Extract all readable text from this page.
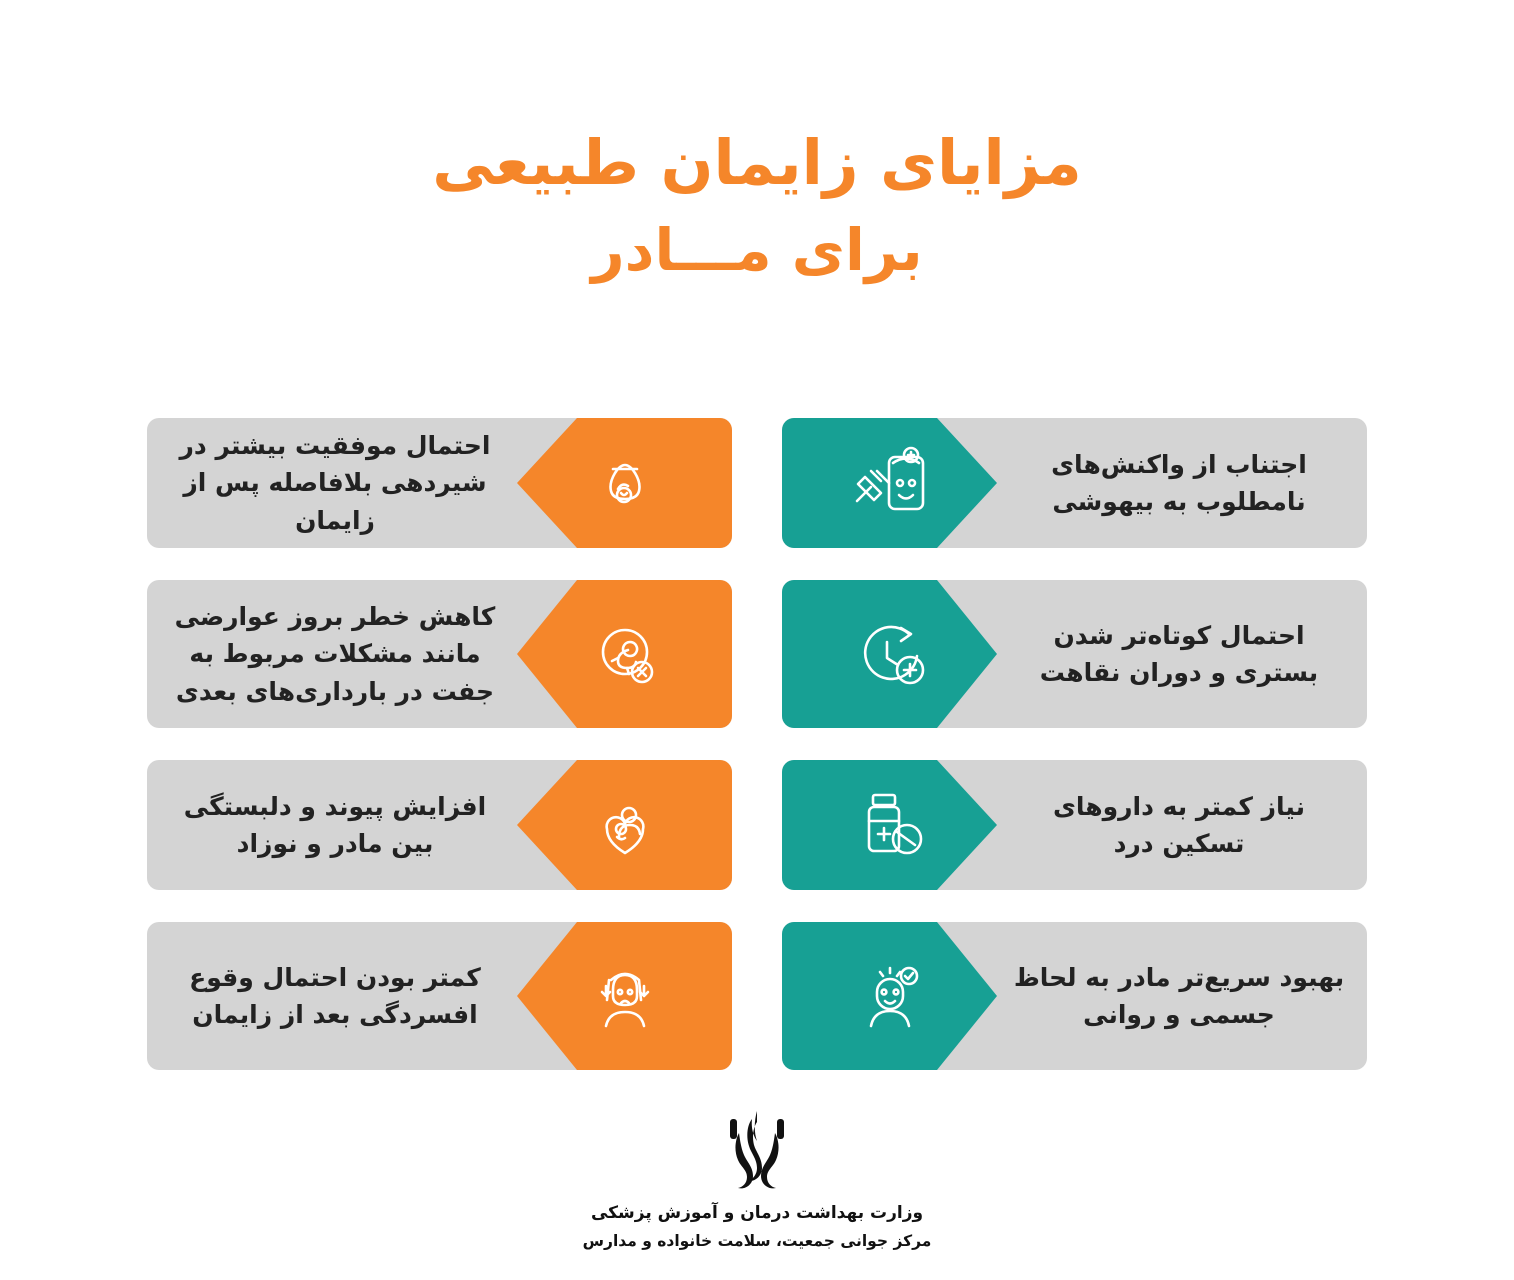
مزایای زایمان طبیعی
برای مـــادر
اجتناب از واکنش‌های نامطلوب به بیهوشی
احتمال کوتاه‌تر شدن بستری و دوران نقاهت
نیاز کمتر به داروهای تسکین درد
بهبود سریع‌تر مادر به لحاظ جسمی و روانی
احتمال موفقیت بیشتر در شیردهی بلافاصله پس از زایمان
کاهش خطر بروز عوارضی مانند مشکلات مربوط به جفت در بارداری‌های بعدی
افزایش پیوند و دلبستگی بین مادر و نوزاد
کمتر بودن احتمال وقوع افسردگی بعد از زایمان
وزارت بهداشت درمان و آموزش پزشکی
مرکز جوانی جمعیت، سلامت خانواده و مدارس
